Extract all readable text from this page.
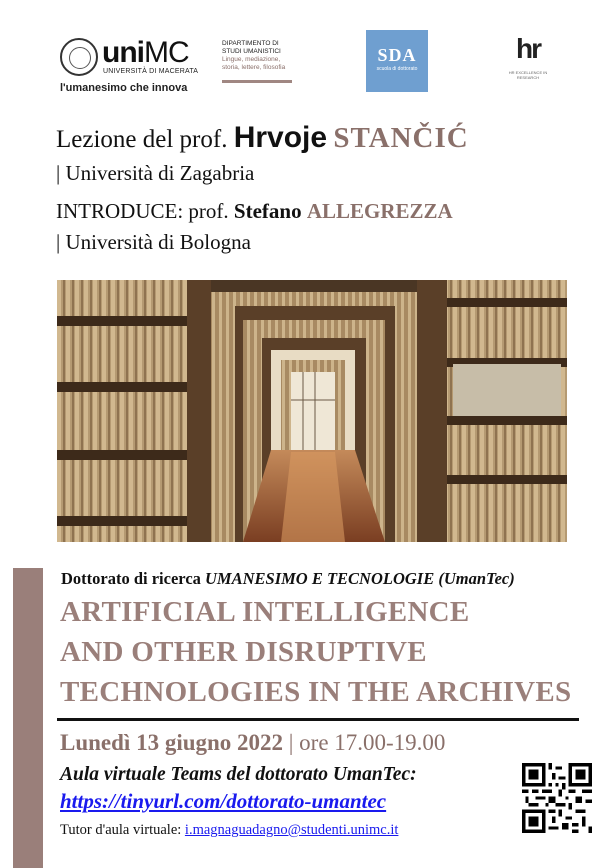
uniMC
UNIVERSITÀ DI MACERATA
l'umanesimo che innova
DIPARTIMENTO DI
STUDI UMANISTICI
Lingue, mediazione,
storia, lettere, filosofia
SDA
scuola di dottorato
hr
HR EXCELLENCE IN RESEARCH
Lezione del prof. Hrvoje STANČIĆ
| Università di Zagabria
INTRODUCE: prof. Stefano ALLEGREZZA
| Università di Bologna
Dottorato di ricerca UMANESIMO E TECNOLOGIE (UmanTec)
ARTIFICIAL INTELLIGENCE
AND OTHER DISRUPTIVE
TECHNOLOGIES IN THE ARCHIVES
Lunedì 13 giugno 2022 | ore 17.00-19.00
Aula virtuale Teams del dottorato UmanTec:
https://tinyurl.com/dottorato-umantec
Tutor d'aula virtuale: i.magnaguadagno@studenti.unimc.it
